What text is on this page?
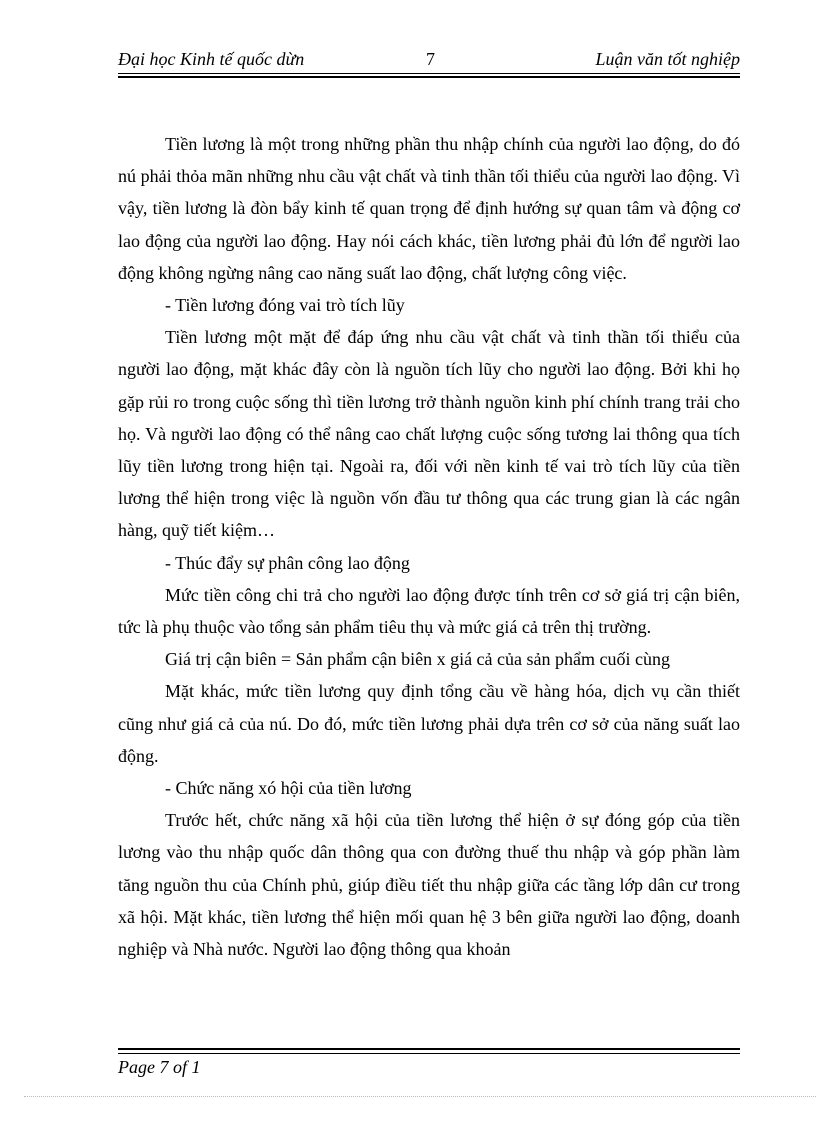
Đại học Kinh tế quốc dừn	7	Luận văn tốt nghiệp

Tiền lương là một trong những phần thu nhập chính của người lao động, do đó nú phải thỏa mãn những nhu cầu vật chất và tinh thần tối thiểu của người lao động. Vì vậy, tiền lương là đòn bẩy kinh tế quan trọng để định hướng sự quan tâm và động cơ lao động của người lao động. Hay nói cách khác, tiền lương phải đủ lớn để người lao động không ngừng nâng cao năng suất lao động, chất lượng công việc.

- Tiền lương đóng vai trò tích lũy

Tiền lương một mặt để đáp ứng nhu cầu vật chất và tinh thần tối thiểu của người lao động, mặt khác đây còn là nguồn tích lũy cho người lao động. Bởi khi họ gặp rủi ro trong cuộc sống thì tiền lương trở thành nguồn kinh phí chính trang trải cho họ. Và người lao động có thể nâng cao chất lượng cuộc sống tương lai thông qua tích lũy tiền lương trong hiện tại. Ngoài ra, đối với nền kinh tế vai trò tích lũy của tiền lương thể hiện trong việc là nguồn vốn đầu tư thông qua các trung gian là các ngân hàng, quỹ tiết kiệm…

- Thúc đẩy sự phân công lao động

Mức tiền công chi trả cho người lao động được tính trên cơ sở giá trị cận biên, tức là phụ thuộc vào tổng sản phẩm tiêu thụ và mức giá cả trên thị trường.

Giá trị cận biên = Sản phẩm cận biên x giá cả của sản phẩm cuối cùng

Mặt khác, mức tiền lương quy định tổng cầu về hàng hóa, dịch vụ cần thiết cũng như giá cả của nú. Do đó, mức tiền lương phải dựa trên cơ sở của năng suất lao động.

- Chức năng xó hội của tiền lương

Trước hết, chức năng xã hội của tiền lương thể hiện ở sự đóng góp của tiền lương vào thu nhập quốc dân thông qua con đường thuế thu nhập và góp phần làm tăng nguồn thu của Chính phủ, giúp điều tiết thu nhập giữa các tầng lớp dân cư trong xã hội. Mặt khác, tiền lương thể hiện mối quan hệ 3 bên giữa người lao động, doanh nghiệp và Nhà nước. Người lao động thông qua khoản

Page 7 of 1
